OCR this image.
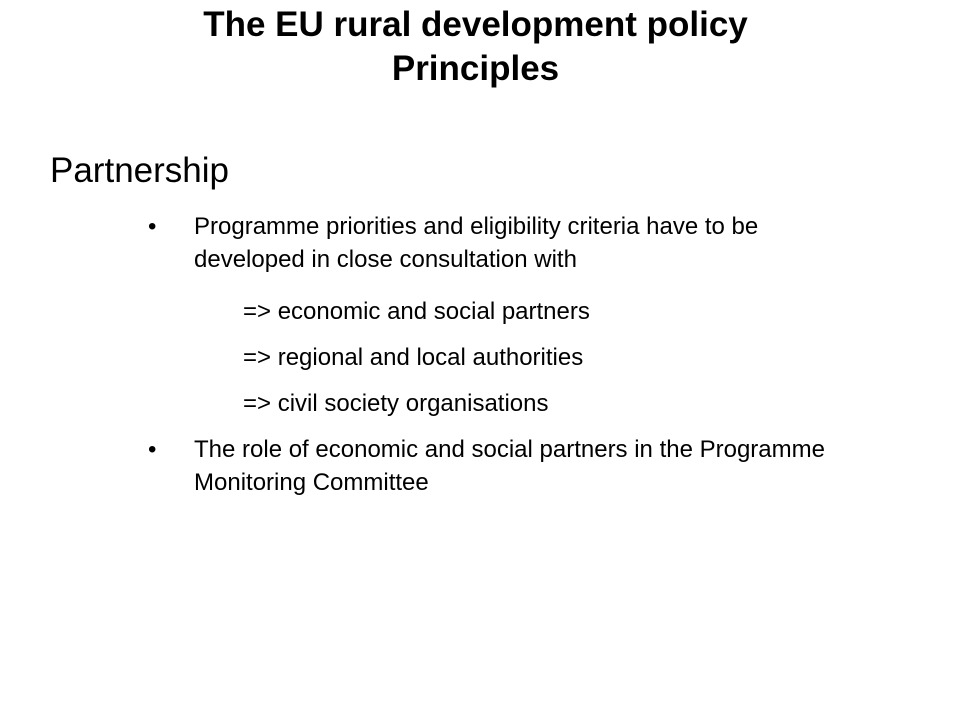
The EU rural development policy
Principles
Partnership
•	Programme priorities and eligibility criteria have to be developed in close consultation with
=> economic and social partners
=> regional and local authorities
=> civil society organisations
•	The role of economic and social partners in the Programme Monitoring Committee
